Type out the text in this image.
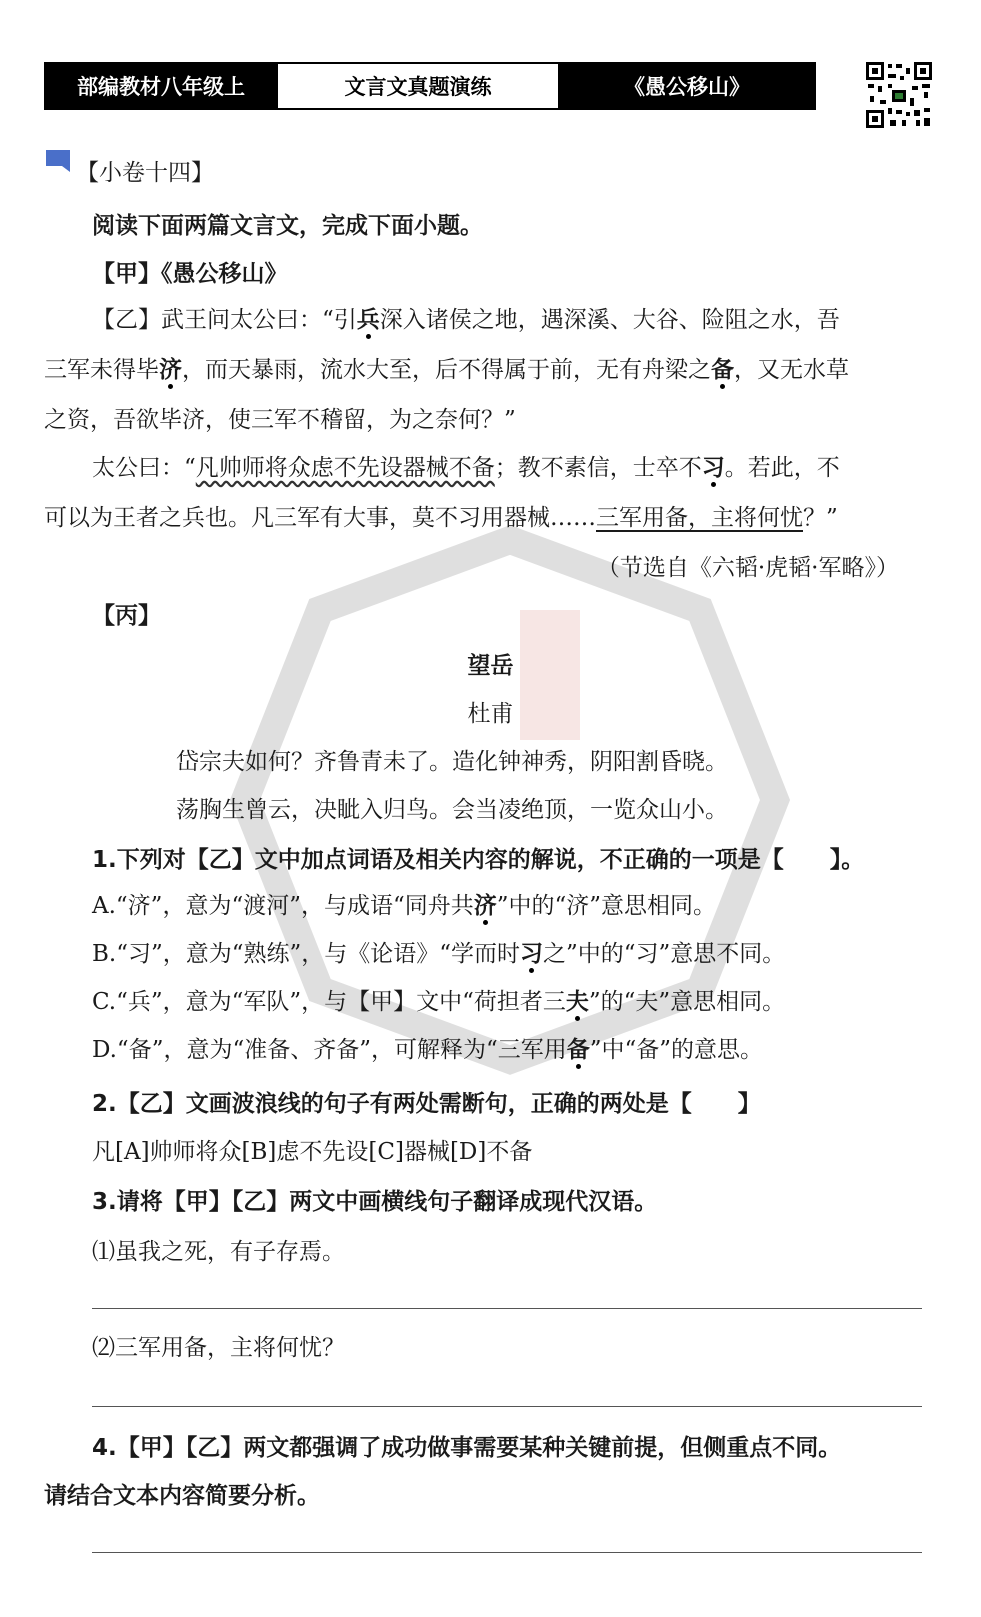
部编教材八年级上	文言文真题演练	《愚公移山》
【小卷十四】
阅读下面两篇文言文，完成下面小题。
【甲】《愚公移山》
【乙】武王问太公曰：“引兵深入诸侯之地，遇深溪、大谷、险阻之水，吾
三军未得毕济，而天暴雨，流水大至，后不得属于前，无有舟梁之备，又无水草
之资，吾欲毕济，使三军不稽留，为之奈何？”
太公曰：“凡帅师将众虑不先设器械不备；教不素信，士卒不习。若此，不
可以为王者之兵也。凡三军有大事，莫不习用器械……三军用备，主将何忧？”
（节选自《六韬·虎韬·军略》）
【丙】
望岳
杜甫
岱宗夫如何？齐鲁青未了。造化钟神秀，阴阳割昏晓。
荡胸生曾云，决眦入归鸟。会当凌绝顶，一览众山小。
1.下列对【乙】文中加点词语及相关内容的解说，不正确的一项是【　　】。
A.“济”，意为“渡河”，与成语“同舟共济”中的“济”意思相同。
B.“习”，意为“熟练”，与《论语》“学而时习之”中的“习”意思不同。
C.“兵”，意为“军队”，与【甲】文中“荷担者三夫”的“夫”意思相同。
D.“备”，意为“准备、齐备”，可解释为“三军用备”中“备”的意思。
2.【乙】文画波浪线的句子有两处需断句，正确的两处是【　　】
凡[A]帅师将众[B]虑不先设[C]器械[D]不备
3.请将【甲】【乙】两文中画横线句子翻译成现代汉语。
⑴虽我之死，有子存焉。
⑵三军用备，主将何忧？
4.【甲】【乙】两文都强调了成功做事需要某种关键前提，但侧重点不同。
请结合文本内容简要分析。
